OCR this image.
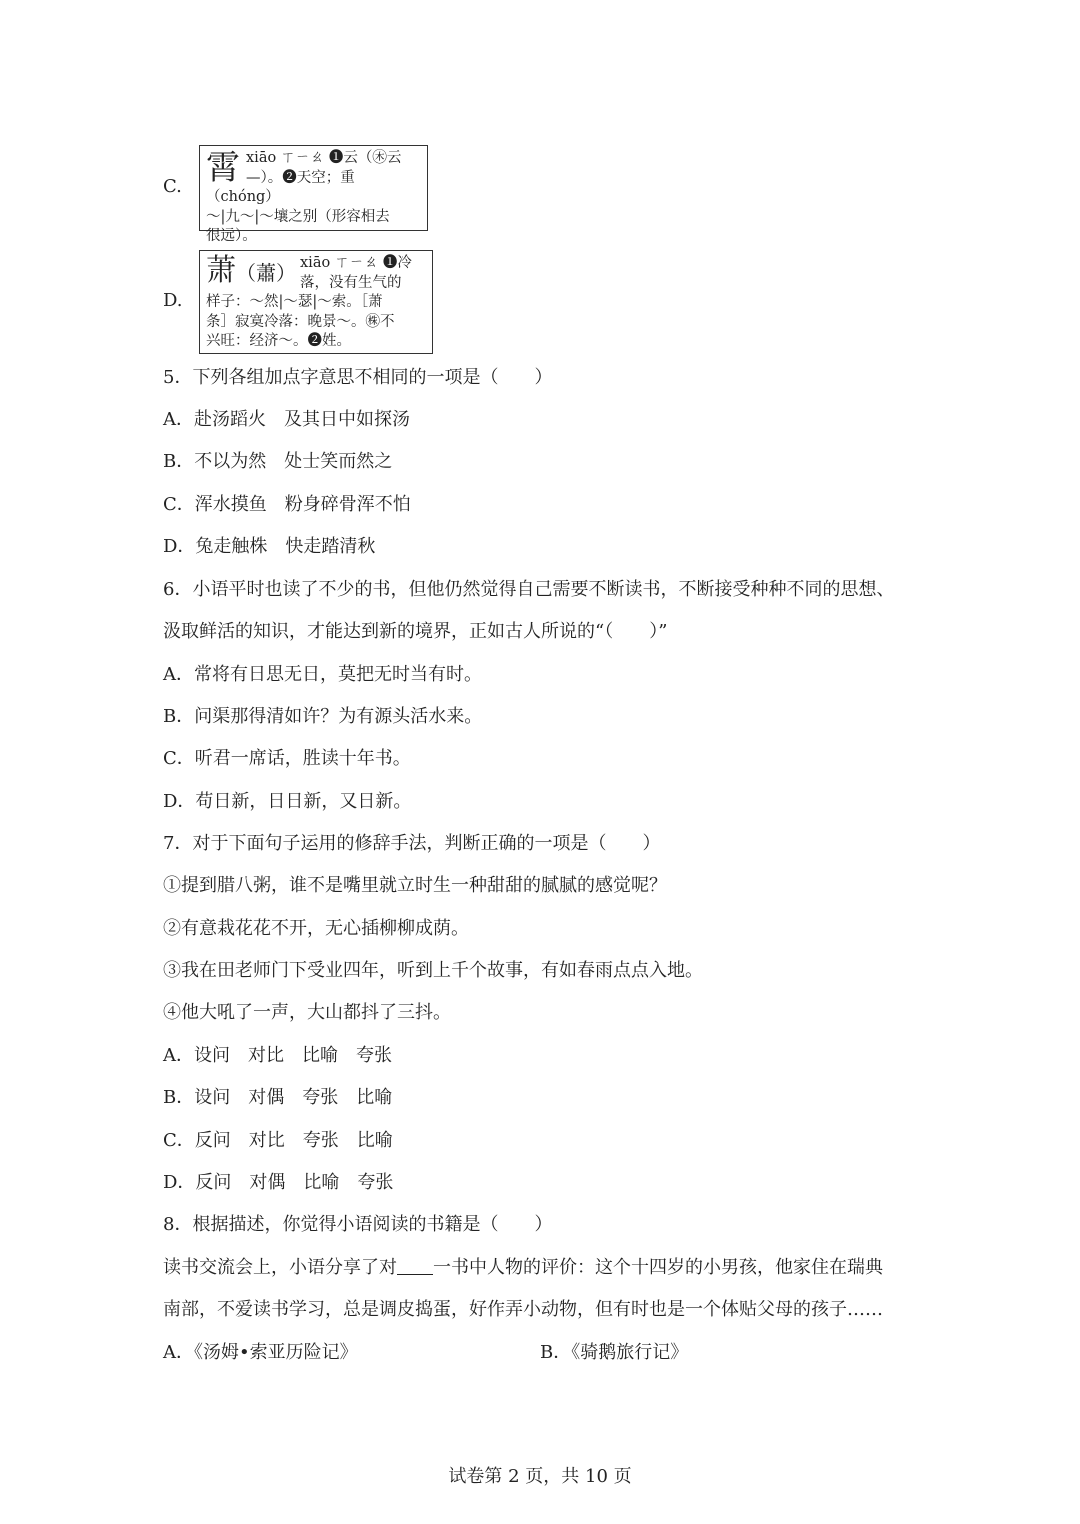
C. 霄 xiāo ㄒㄧㄠ ❶云（㊍云
—）。❷天空；重（chóng）
～|九～|～壤之别（形容相去
很远）。
D.
萧（蕭） xiāo ㄒㄧㄠ ❶冷
落，没有生气的
样子：～然|～瑟|～索。［萧
条］寂寞冷落：晚景～。㊑不
兴旺：经济～。❷姓。
5．下列各组加点字意思不相同的一项是（　　）
A．赴汤蹈火　及其日中如探汤
B．不以为然　处士笑而然之
C．浑水摸鱼　粉身碎骨浑不怕
D．兔走触株　快走踏清秋
6．小语平时也读了不少的书，但他仍然觉得自己需要不断读书，不断接受种种不同的思想、
汲取鲜活的知识，才能达到新的境界，正如古人所说的“（　　）”
A．常将有日思无日，莫把无时当有时。
B．问渠那得清如许？为有源头活水来。
C．听君一席话，胜读十年书。
D．苟日新，日日新，又日新。
7．对于下面句子运用的修辞手法，判断正确的一项是（　　）
①提到腊八粥，谁不是嘴里就立时生一种甜甜的腻腻的感觉呢？
②有意栽花花不开，无心插柳柳成荫。
③我在田老师门下受业四年，听到上千个故事，有如春雨点点入地。
④他大吼了一声，大山都抖了三抖。
A．设问　对比　比喻　夸张
B．设问　对偶　夸张　比喻
C．反问　对比　夸张　比喻
D．反问　对偶　比喻　夸张
8．根据描述，你觉得小语阅读的书籍是（　　）
读书交流会上，小语分享了对 一书中人物的评价：这个十四岁的小男孩，他家住在瑞典
南部，不爱读书学习，总是调皮捣蛋，好作弄小动物，但有时也是一个体贴父母的孩子……
A．《汤姆•索亚历险记》	B．《骑鹅旅行记》
试卷第 2 页，共 10 页
